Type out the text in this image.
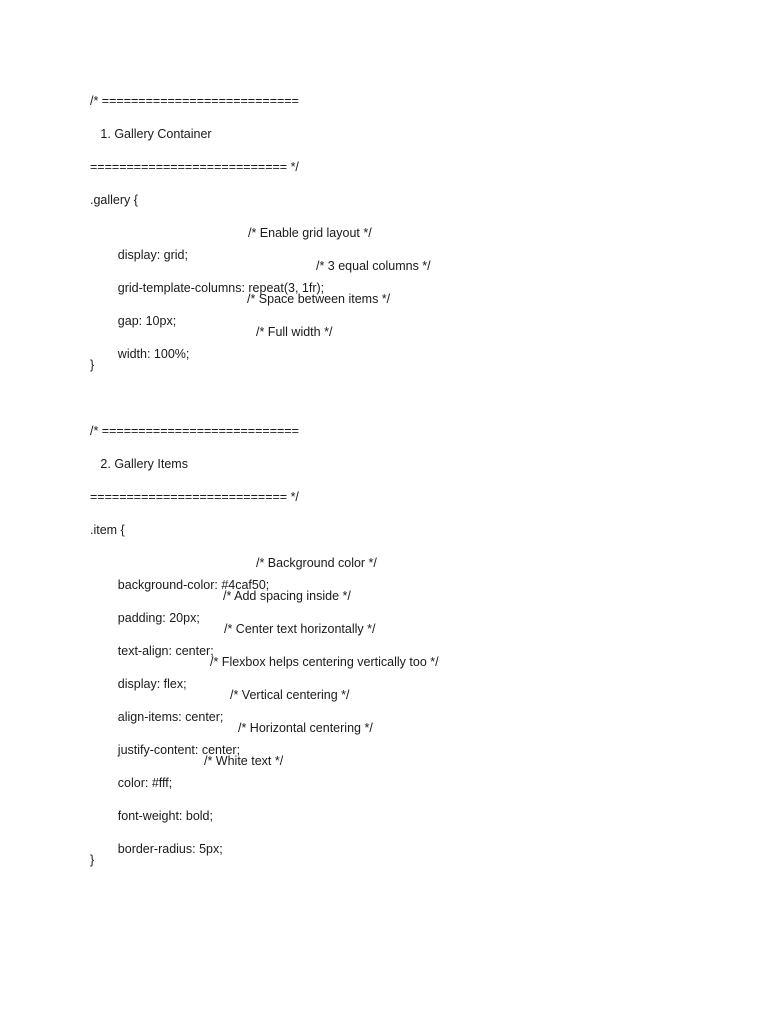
/* ===========================
1. Gallery Container
=========================== */
.gallery {

display: grid;

/* Enable grid layout */

grid-template-columns: repeat(3, 1fr);

/* 3 equal columns */

gap: 10px;

/* Space between items */

width: 100%;

/* Full width */

}
/* ===========================
2. Gallery Items
=========================== */
.item {

background-color: #4caf50;

/* Background color */

padding: 20px;

/* Add spacing inside */

text-align: center;

/* Center text horizontally */

display: flex;

/* Flexbox helps centering vertically too */

align-items: center;

/* Vertical centering */

justify-content: center;

/* Horizontal centering */

color: #fff;

/* White text */

font-weight: bold;

border-radius: 5px;

}
